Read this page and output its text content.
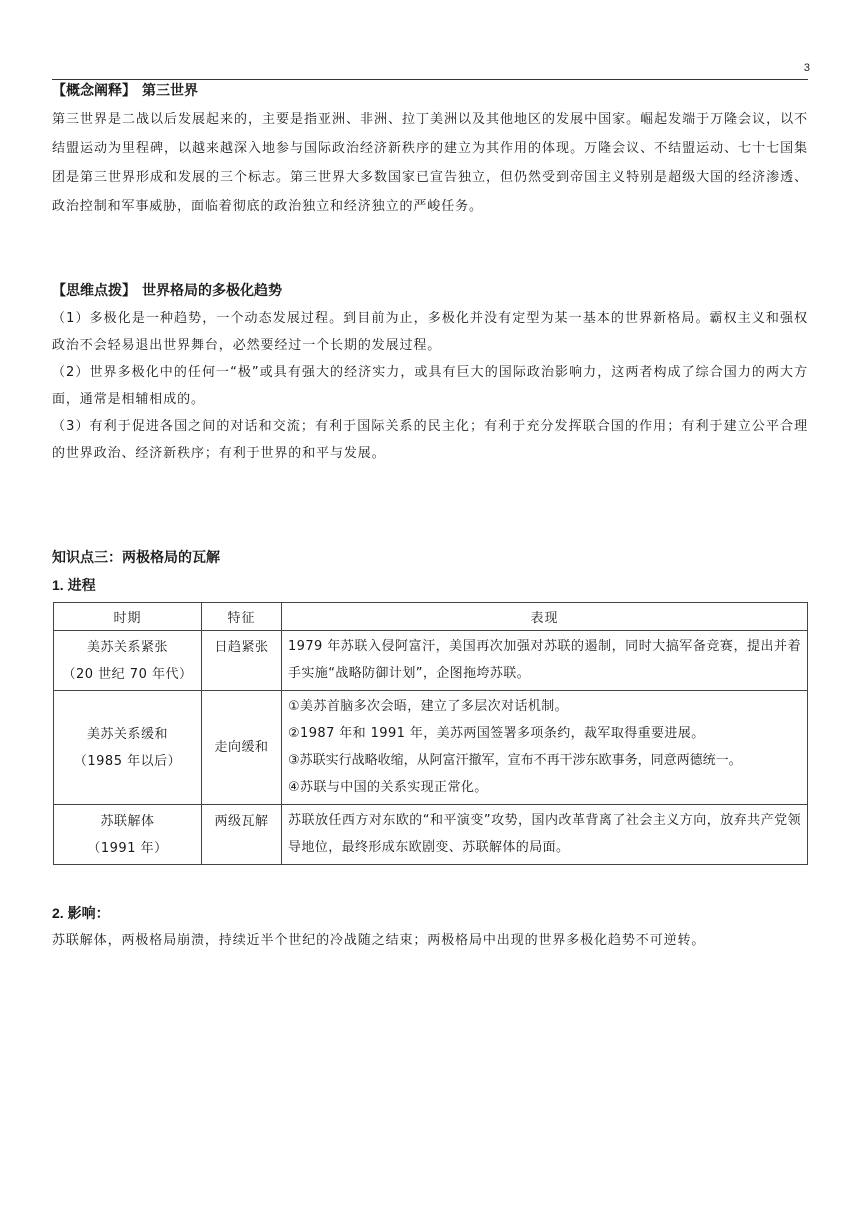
3

【概念阐释】 第三世界

第三世界是二战以后发展起来的，主要是指亚洲、非洲、拉丁美洲以及其他地区的发展中国家。崛起发端于万隆会议，以不结盟运动为里程碑，以越来越深入地参与国际政治经济新秩序的建立为其作用的体现。万隆会议、不结盟运动、七十七国集团是第三世界形成和发展的三个标志。第三世界大多数国家已宣告独立，但仍然受到帝国主义特别是超级大国的经济渗透、政治控制和军事威胁，面临着彻底的政治独立和经济独立的严峻任务。

【思维点拨】 世界格局的多极化趋势

（1）多极化是一种趋势，一个动态发展过程。到目前为止，多极化并没有定型为某一基本的世界新格局。霸权主义和强权政治不会轻易退出世界舞台，必然要经过一个长期的发展过程。

（2）世界多极化中的任何一“极”或具有强大的经济实力，或具有巨大的国际政治影响力，这两者构成了综合国力的两大方面，通常是相辅相成的。

（3）有利于促进各国之间的对话和交流；有利于国际关系的民主化；有利于充分发挥联合国的作用；有利于建立公平合理的世界政治、经济新秩序；有利于世界的和平与发展。

知识点三：两极格局的瓦解

1. 进程

时期	特征	表现

美苏关系紧张
（20 世纪 70 年代）	日趋紧张	1979 年苏联入侵阿富汗，美国再次加强对苏联的遏制，同时大搞军备竞赛，提出并着手实施“战略防御计划”，企图拖垮苏联。

美苏关系缓和
（1985 年以后）	走向缓和	①美苏首脑多次会晤，建立了多层次对话机制。
②1987 年和 1991 年，美苏两国签署多项条约，裁军取得重要进展。
③苏联实行战略收缩，从阿富汗撤军，宣布不再干涉东欧事务，同意两德统一。
④苏联与中国的关系实现正常化。

苏联解体
（1991 年）	两级瓦解	苏联放任西方对东欧的“和平演变”攻势，国内改革背离了社会主义方向，放弃共产党领导地位，最终形成东欧剧变、苏联解体的局面。

2. 影响：

苏联解体，两极格局崩溃，持续近半个世纪的冷战随之结束；两极格局中出现的世界多极化趋势不可逆转。
